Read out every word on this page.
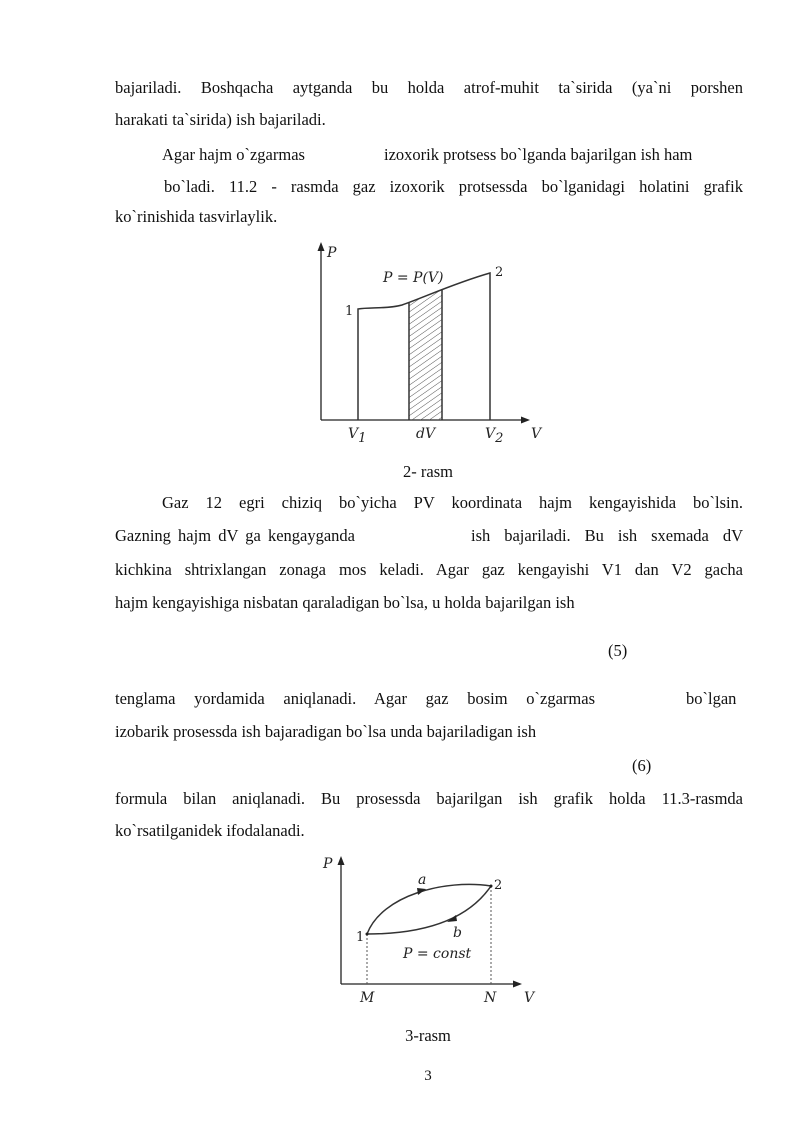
bajariladi. Boshqacha aytganda bu holda atrof-muhit ta`sirida (ya`ni porshen
harakati ta`sirida) ish bajariladi.
Agar hajm o`zgarmas	izoxorik protsess bo`lganda bajarilgan ish ham
bo`ladi. 11.2 - rasmda gaz izoxorik protsessda bo`lganidagi holatini grafik
ko`rinishida tasvirlaylik.
P
V
P = P(V)
1
2
V1	dV	V2
2- rasm
Gaz 12 egri chiziq bo`yicha PV koordinata hajm kengayishida bo`lsin.
Gazning hajm dV ga kengayganda	ish bajariladi. Bu ish sxemada dV
kichkina shtrixlangan zonaga mos keladi. Agar gaz kengayishi V1 dan V2 gacha
hajm kengayishiga nisbatan qaraladigan bo`lsa, u holda bajarilgan ish
(5)
tenglama yordamida aniqlanadi. Agar gaz bosim o`zgarmas	bo`lgan
izobarik prosessda ish bajaradigan bo`lsa unda bajariladigan ish
(6)
formula bilan aniqlanadi. Bu prosessda bajarilgan ish grafik holda 11.3-rasmda
ko`rsatilganidek ifodalanadi.
P
V
a
b
1
2
P = const
M	N
3-rasm
3
